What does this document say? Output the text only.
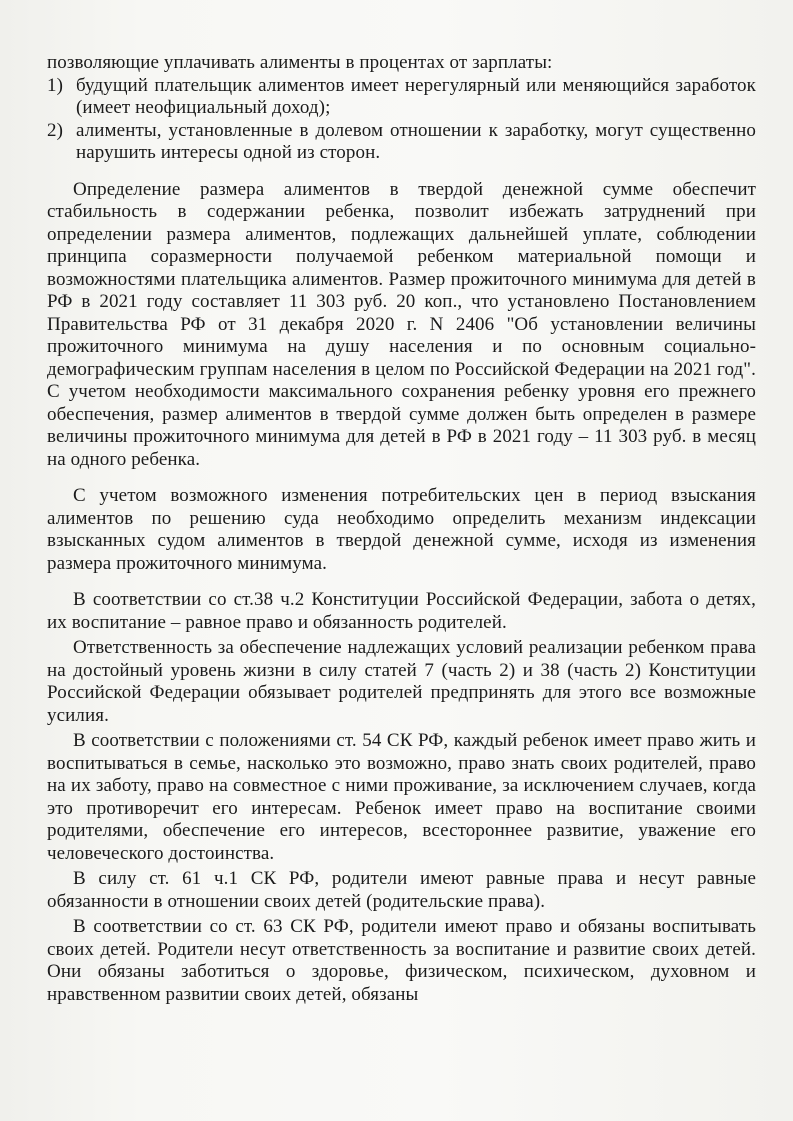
позволяющие уплачивать алименты в процентах от зарплаты:

1) будущий плательщик алиментов имеет нерегулярный или меняющийся заработок (имеет неофициальный доход);
2) алименты, установленные в долевом отношении к заработку, могут существенно нарушить интересы одной из сторон.

Определение размера алиментов в твердой денежной сумме обеспечит стабильность в содержании ребенка, позволит избежать затруднений при определении размера алиментов, подлежащих дальнейшей уплате, соблюдении принципа соразмерности получаемой ребенком материальной помощи и возможностями плательщика алиментов. Размер прожиточного минимума для детей в РФ в 2021 году составляет 11 303 руб. 20 коп., что установлено Постановлением Правительства РФ от 31 декабря 2020 г. N 2406 "Об установлении величины прожиточного минимума на душу населения и по основным социально-демографическим группам населения в целом по Российской Федерации на 2021 год". С учетом необходимости максимального сохранения ребенку уровня его прежнего обеспечения, размер алиментов в твердой сумме должен быть определен в размере величины прожиточного минимума для детей в РФ в 2021 году – 11 303 руб. в месяц на одного ребенка.

С учетом возможного изменения потребительских цен в период взыскания алиментов по решению суда необходимо определить механизм индексации взысканных судом алиментов в твердой денежной сумме, исходя из изменения размера прожиточного минимума.

В соответствии со ст.38 ч.2 Конституции Российской Федерации, забота о детях, их воспитание – равное право и обязанность родителей.

Ответственность за обеспечение надлежащих условий реализации ребенком права на достойный уровень жизни в силу статей 7 (часть 2) и 38 (часть 2) Конституции Российской Федерации обязывает родителей предпринять для этого все возможные усилия.

В соответствии с положениями ст. 54 СК РФ, каждый ребенок имеет право жить и воспитываться в семье, насколько это возможно, право знать своих родителей, право на их заботу, право на совместное с ними проживание, за исключением случаев, когда это противоречит его интересам. Ребенок имеет право на воспитание своими родителями, обеспечение его интересов, всестороннее развитие, уважение его человеческого достоинства.

В силу ст. 61 ч.1 СК РФ, родители имеют равные права и несут равные обязанности в отношении своих детей (родительские права).

В соответствии со ст. 63 СК РФ, родители имеют право и обязаны воспитывать своих детей. Родители несут ответственность за воспитание и развитие своих детей. Они обязаны заботиться о здоровье, физическом, психическом, духовном и нравственном развитии своих детей, обязаны
